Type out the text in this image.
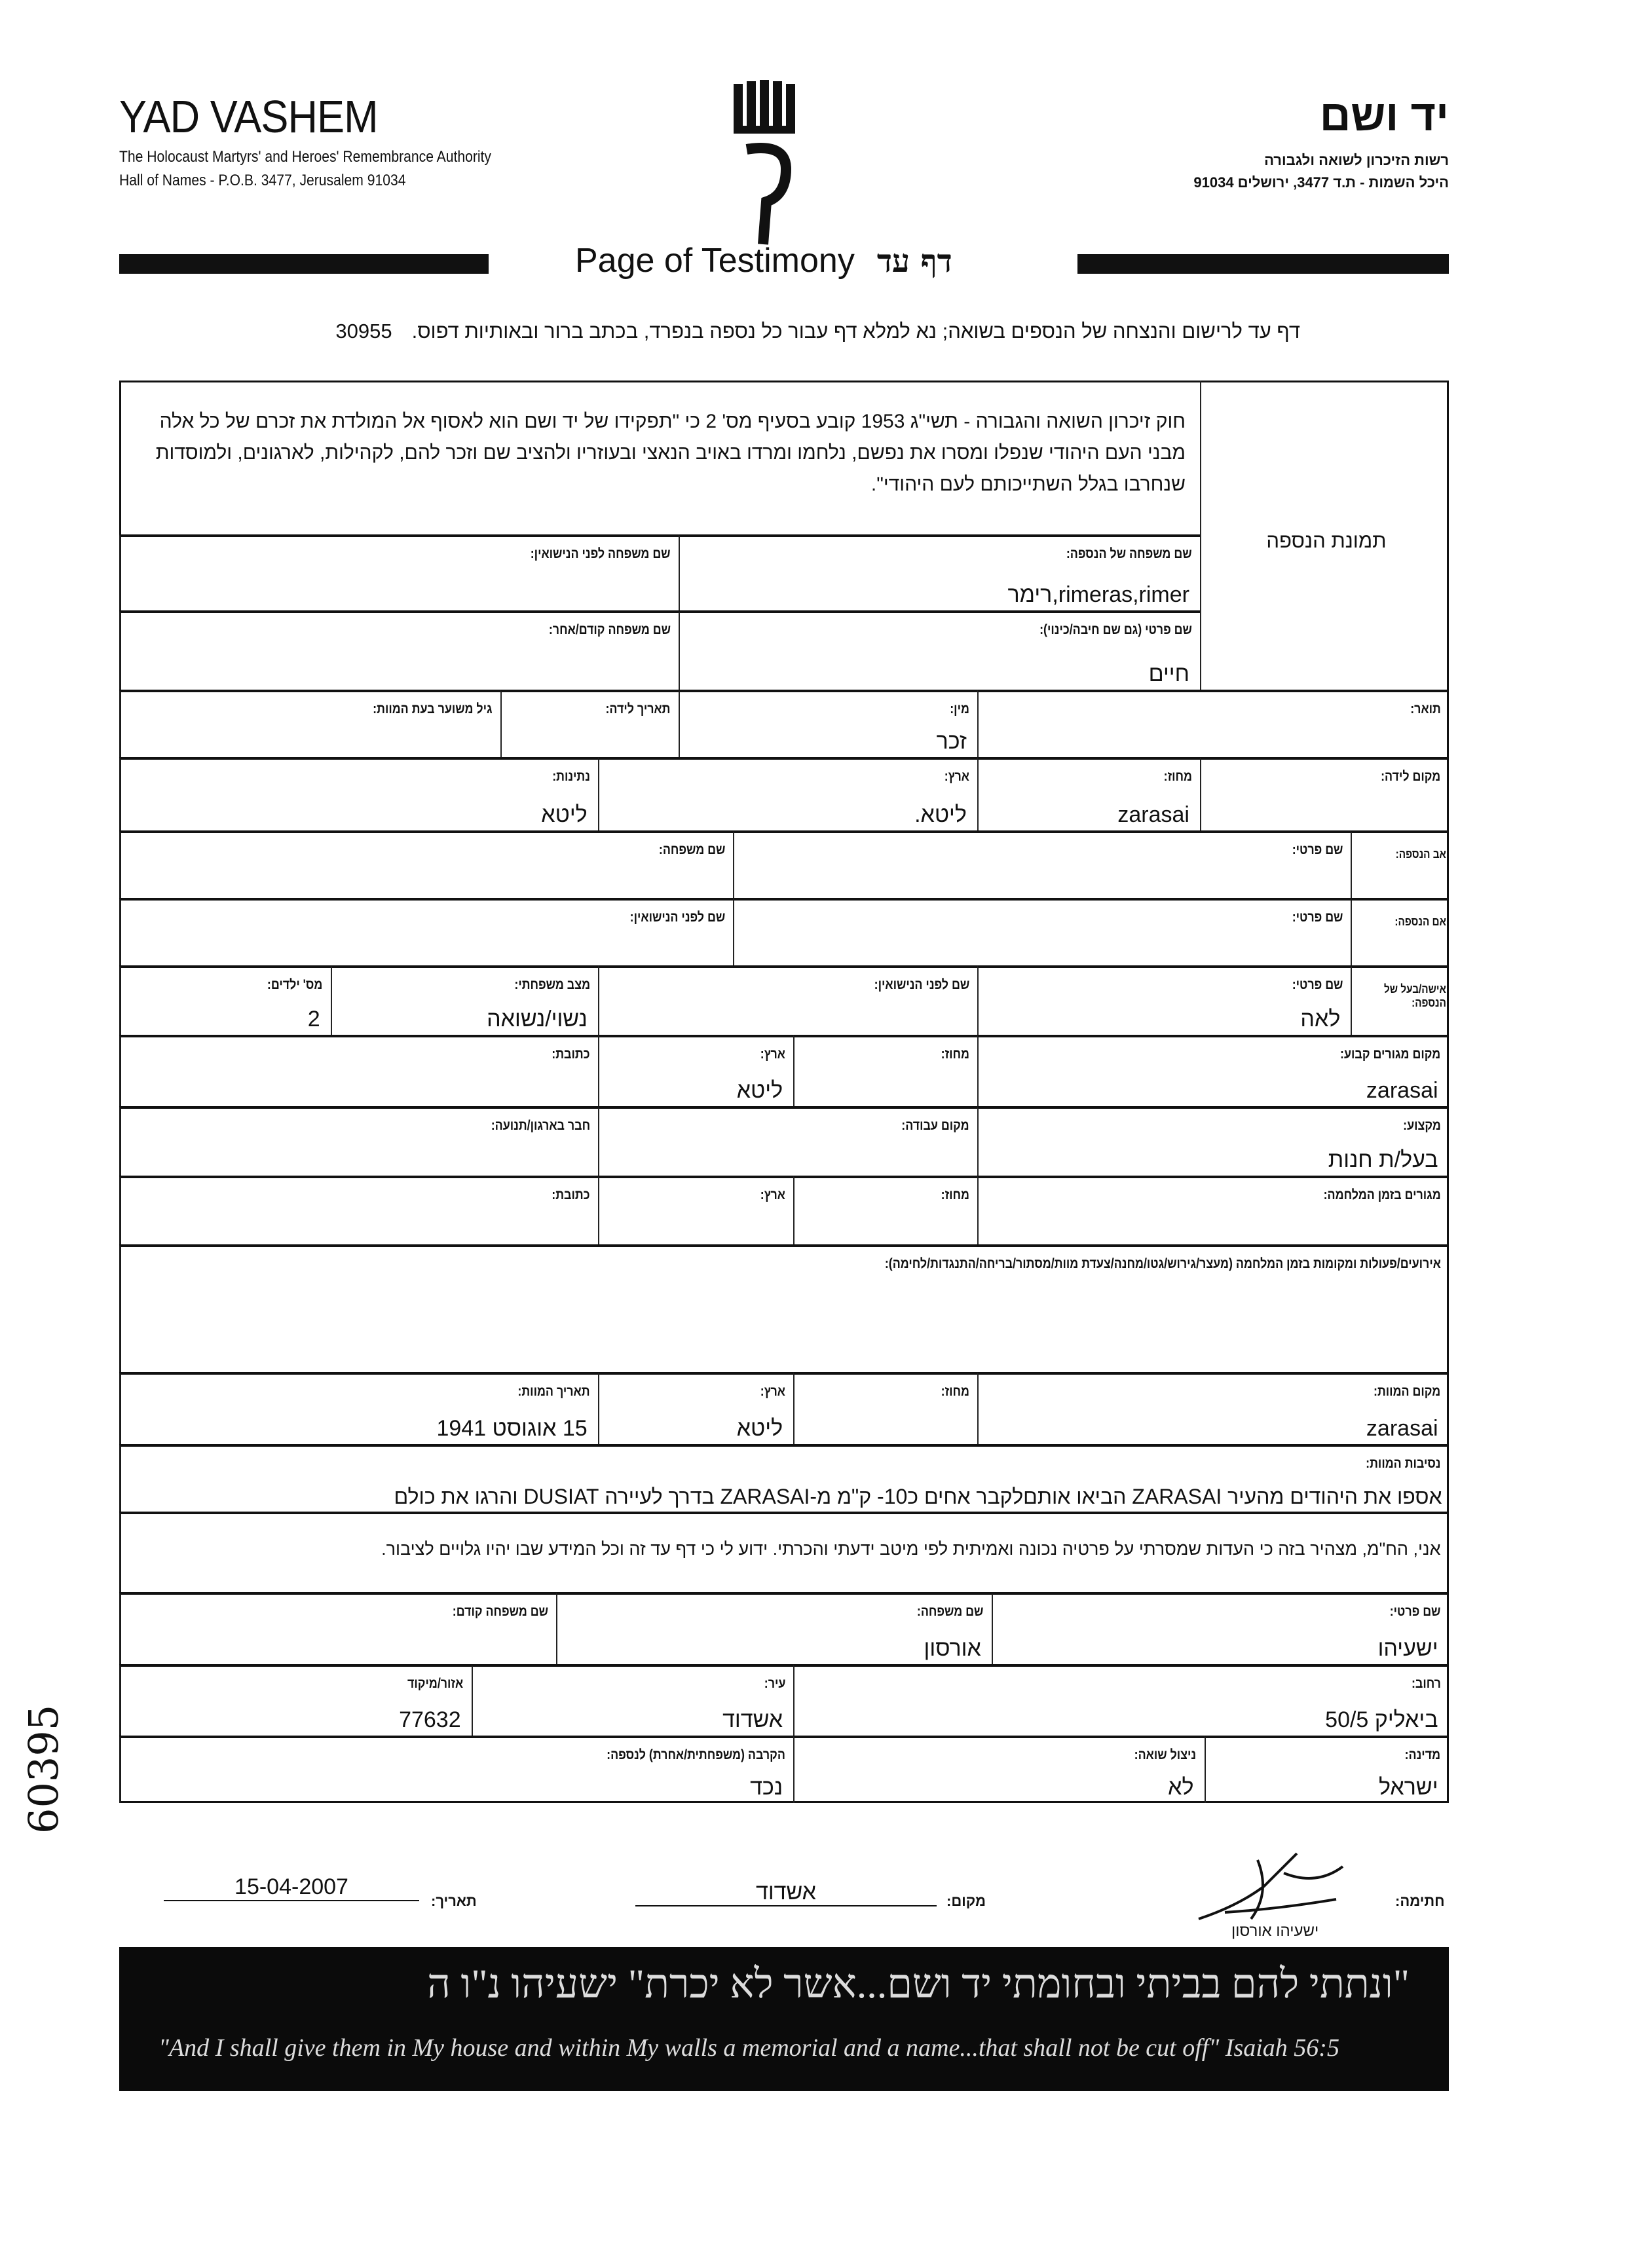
YAD VASHEM
The Holocaust Martyrs' and Heroes' Remembrance Authority
Hall of Names - P.O.B. 3477, Jerusalem 91034
יד ושם
רשות הזיכרון לשואה ולגבורה
היכל השמות - ת.ד 3477, ירושלים 91034
Page of Testimony דף עד
דף עד לרישום והנצחה של הנספים בשואה; נא למלא דף עבור כל נספה בנפרד, בכתב ברור ובאותיות דפוס.30955
תמונת הנספה
חוק זיכרון השואה והגבורה - תשי"ג 1953 קובע בסעיף מס' 2 כי "תפקידו של יד ושם הוא לאסוף אל המולדת את זכרם של כל אלה מבני העם היהודי שנפלו ומסרו את נפשם, נלחמו ומרדו באויב הנאצי ובעוזריו ולהציב שם וזכר להם, לקהילות, לארגונים, ולמוסדות שנחרבו בגלל השתייכותם לעם היהודי".
שם משפחה של הנספה:
rimeras,rimer,רימר
שם משפחה לפני הנישואין:
שם פרטי (גם שם חיבה/כינוי):
חיים
שם משפחה קודם/אחר:
תואר:
מין:
זכר
תאריך לידה:
גיל משוער בעת המוות:
מקום לידה:
מחוז:
zarasai
ארץ:
ליטא.
נתינות:
ליטא
אב הנספה:
שם פרטי:
שם משפחה:
אם הנספה:
שם פרטי:
שם לפני הנישואין:
אישה/בעל של הנספה:
שם פרטי:
לאה
שם לפני הנישואין:
מצב משפחתי:
נשוי/נשואה
מס' ילדים:
2
מקום מגורים קבוע:
zarasai
מחוז:
ארץ:
ליטא
כתובת:
מקצוע:
בעל/ת חנות
מקום עבודה:
חבר בארגון/תנועה:
מגורים בזמן המלחמה:
מחוז:
ארץ:
כתובת:
אירועים/פעולות ומקומות בזמן המלחמה (מעצר/גירוש/גטו/מחנה/צעדת מוות/מסתור/בריחה/התנגדות/לחימה):
מקום המוות:
zarasai
מחוז:
ארץ:
ליטא
תאריך המוות:
15 אוגוסט 1941
נסיבות המוות:
אספו את היהודים מהעיר ZARASAI הביאו אותםלקבר אחים כ10- ק"מ מ-ZARASAI בדרך לעיירה DUSIAT והרגו את כולם
אני, הח"מ, מצהיר בזה כי העדות שמסרתי על פרטיה נכונה ואמיתית לפי מיטב ידעתי והכרתי. ידוע לי כי דף עד זה וכל המידע שבו יהיו גלויים לציבור.
שם פרטי:
ישעיהו
שם משפחה:
אורסון
שם משפחה קודם:
רחוב:
ביאליק 50/5
עיר:
אשדוד
אזור/מיקוד
77632
מדינה:
ישראל
ניצול שואה:
לא
הקרבה (משפחתית/אחרת) לנספה:
נכד
חתימה:
ישעיהו אורסון
מקום:
אשדוד
תאריך:
15-04-2007
"ונתתי להם בביתי ובחומתי יד ושם...אשר לא יכרת" ישעיהו נ"ו ה
"And I shall give them in My house and within My walls a memorial and a name...that shall not be cut off" Isaiah 56:5
60395
